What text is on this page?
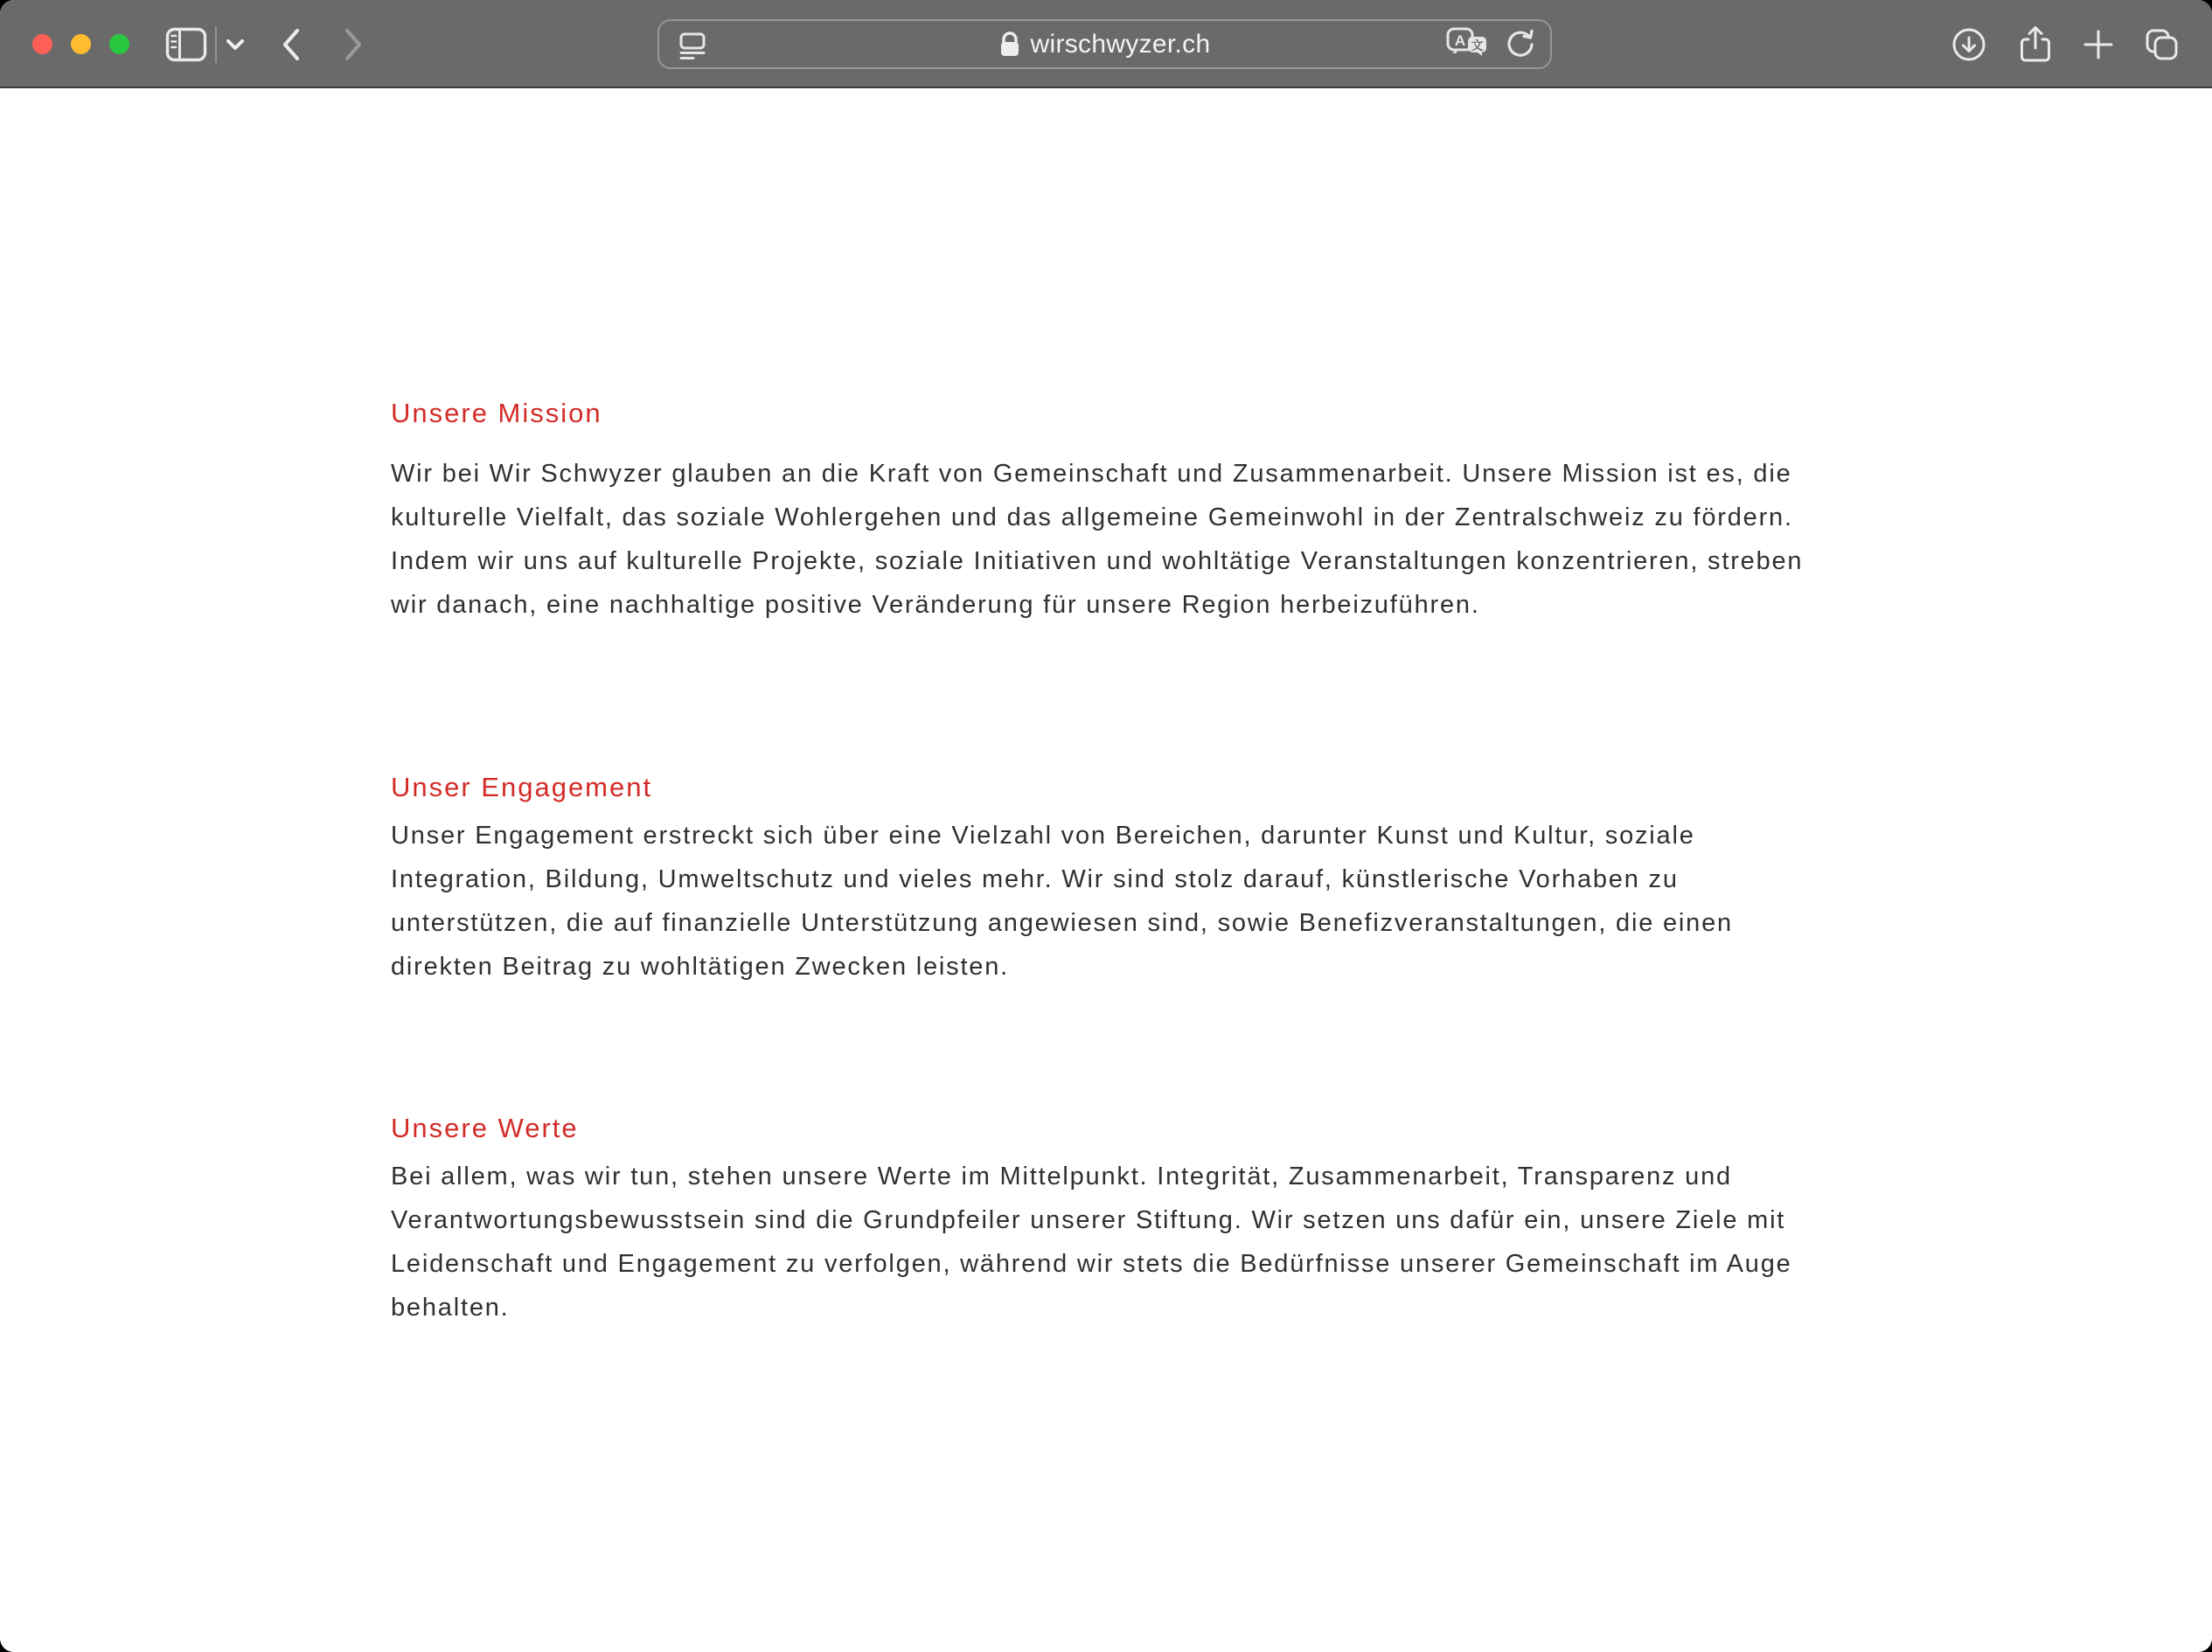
wirschwyzer.ch	A 文
Unsere Mission

Wir bei Wir Schwyzer glauben an die Kraft von Gemeinschaft und Zusammenarbeit. Unsere Mission ist es, die kulturelle Vielfalt, das soziale Wohlergehen und das allgemeine Gemeinwohl in der Zentralschweiz zu fördern. Indem wir uns auf kulturelle Projekte, soziale Initiativen und wohltätige Veranstaltungen konzentrieren, streben wir danach, eine nachhaltige positive Veränderung für unsere Region herbeizuführen.

Unser Engagement

Unser Engagement erstreckt sich über eine Vielzahl von Bereichen, darunter Kunst und Kultur, soziale Integration, Bildung, Umweltschutz und vieles mehr. Wir sind stolz darauf, künstlerische Vorhaben zu unterstützen, die auf finanzielle Unterstützung angewiesen sind, sowie Benefizveranstaltungen, die einen direkten Beitrag zu wohltätigen Zwecken leisten.

Unsere Werte

Bei allem, was wir tun, stehen unsere Werte im Mittelpunkt. Integrität, Zusammenarbeit, Transparenz und Verantwortungsbewusstsein sind die Grundpfeiler unserer Stiftung. Wir setzen uns dafür ein, unsere Ziele mit Leidenschaft und Engagement zu verfolgen, während wir stets die Bedürfnisse unserer Gemeinschaft im Auge behalten.
